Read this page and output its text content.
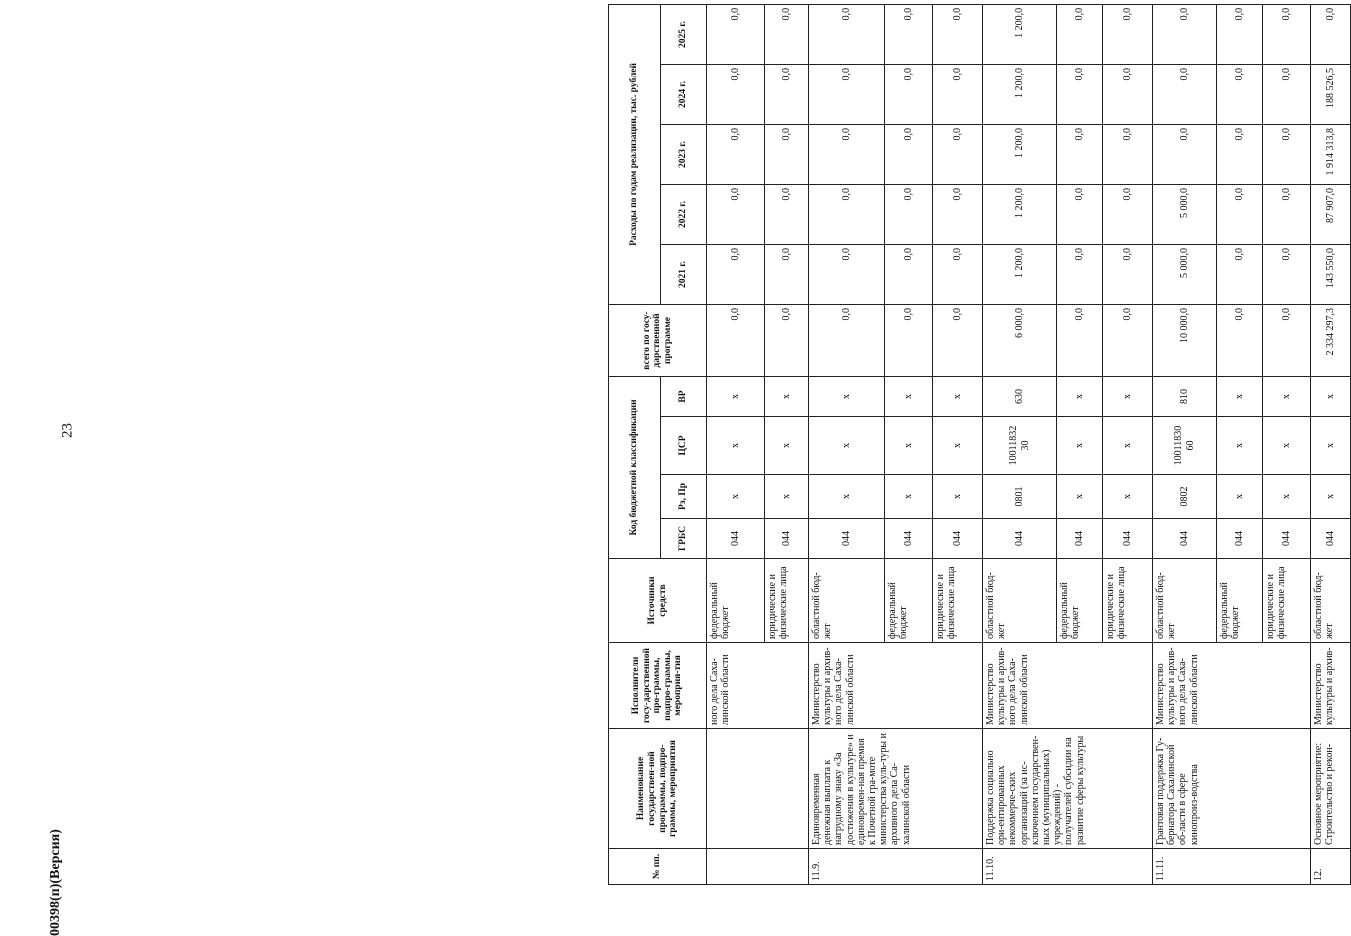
23
№ пп.	Наименование государствен-ной программы, подпро-граммы, мероприятия	Исполнители госу-дарственной про-граммы, подпро-граммы, мероприя-тия	Источники средств	Код бюджетной классификации				всего по госу-дарственной программе	Расходы по годам реализации, тыс. рублей				
				ГРБС	Рз, Пр	ЦСР	ВР		2021 г.	2022 г.	2023 г.	2024 г.	2025 г.
		ного дела Саха-линской области	федеральный бюджет	044	x	x	x	0,0	0,0	0,0	0,0	0,0	0,0
			юридические и физические лица	044	x	x	x	0,0	0,0	0,0	0,0	0,0	0,0
11.9.	Единовременная денежная выплата к нагрудному знаку «За достижения в культуре» и единовремен-ная премия к Почетной гра-моте министерства куль-туры и архивного дела Са-халинской области	Министерство культуры и архив-ного дела Саха-линской области	областной бюд-жет	044	x	x	x	0,0	0,0	0,0	0,0	0,0	0,0
			федеральный бюджет	044	x	x	x	0,0	0,0	0,0	0,0	0,0	0,0
			юридические и физические лица	044	x	x	x	0,0	0,0	0,0	0,0	0,0	0,0
11.10.	Поддержка социально ори-ентированных некоммерче-ских организаций (за ис-ключением государствен-ных (муниципальных) учреждений) - получателей субсидии на развитие сферы культуры	Министерство культуры и архив-ного дела Саха-линской области	областной бюд-жет	044	0801	10011832 30	630	6 000,0	1 200,0	1 200,0	1 200,0	1 200,0	1 200,0
			федеральный бюджет	044	x	x	x	0,0	0,0	0,0	0,0	0,0	0,0
			юридические и физические лица	044	x	x	x	0,0	0,0	0,0	0,0	0,0	0,0
11.11.	Грантовая поддержка Гу-бернатора Сахалинской об-ласти в сфере кинопроиз-водства	Министерство культуры и архив-ного дела Саха-линской области	областной бюд-жет	044	0802	10011830 60	810	10 000,0	5 000,0	5 000,0	0,0	0,0	0,0
			федеральный бюджет	044	x	x	x	0,0	0,0	0,0	0,0	0,0	0,0
			юридические и физические лица	044	x	x	x	0,0	0,0	0,0	0,0	0,0	0,0
12.	Основное мероприятие: Строительство и рекон-	Министерство культуры и архив-	областной бюд-жет	044	x	x	x	2 334 297,3	143 550,0	87 907,0	1 914 313,8	188 526,5	0,0
00398(п)(Версия)
